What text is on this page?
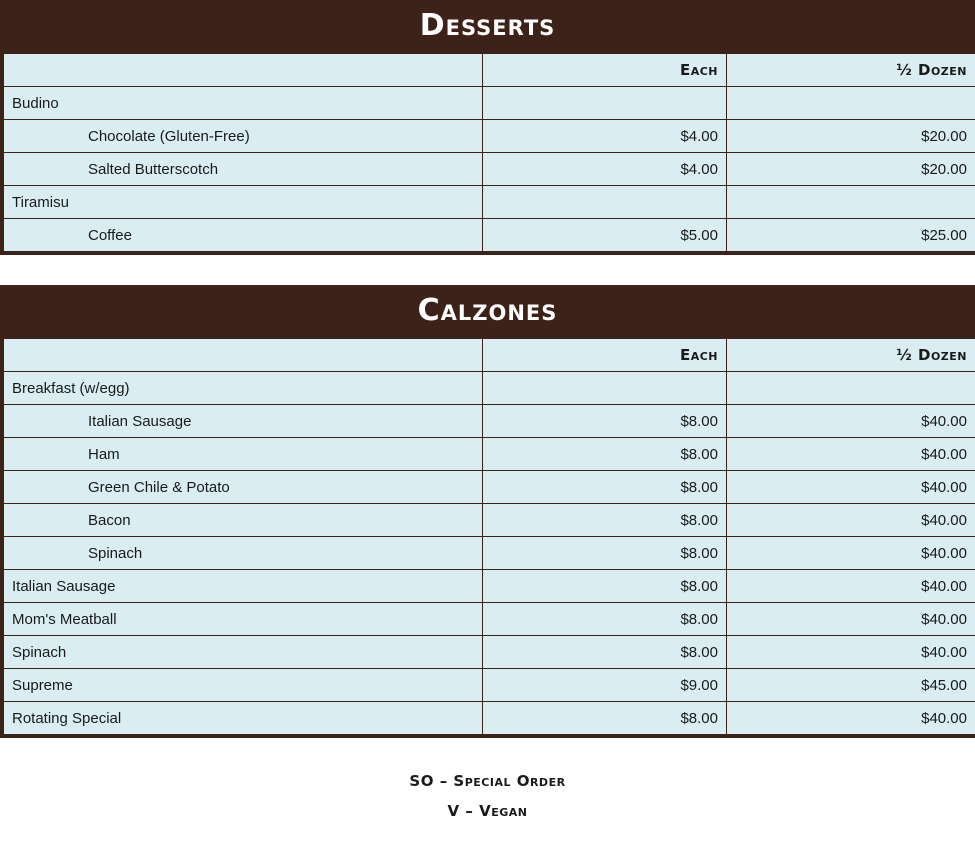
Desserts
	Each	½ Dozen
Budino		
Chocolate (Gluten-Free)	$4.00	$20.00
Salted Butterscotch	$4.00	$20.00
Tiramisu		
Coffee	$5.00	$25.00
Calzones
	Each	½ Dozen
Breakfast (w/egg)		
Italian Sausage	$8.00	$40.00
Ham	$8.00	$40.00
Green Chile & Potato	$8.00	$40.00
Bacon	$8.00	$40.00
Spinach	$8.00	$40.00
Italian Sausage	$8.00	$40.00
Mom's Meatball	$8.00	$40.00
Spinach	$8.00	$40.00
Supreme	$9.00	$45.00
Rotating Special	$8.00	$40.00
SO – Special Order
V – Vegan
